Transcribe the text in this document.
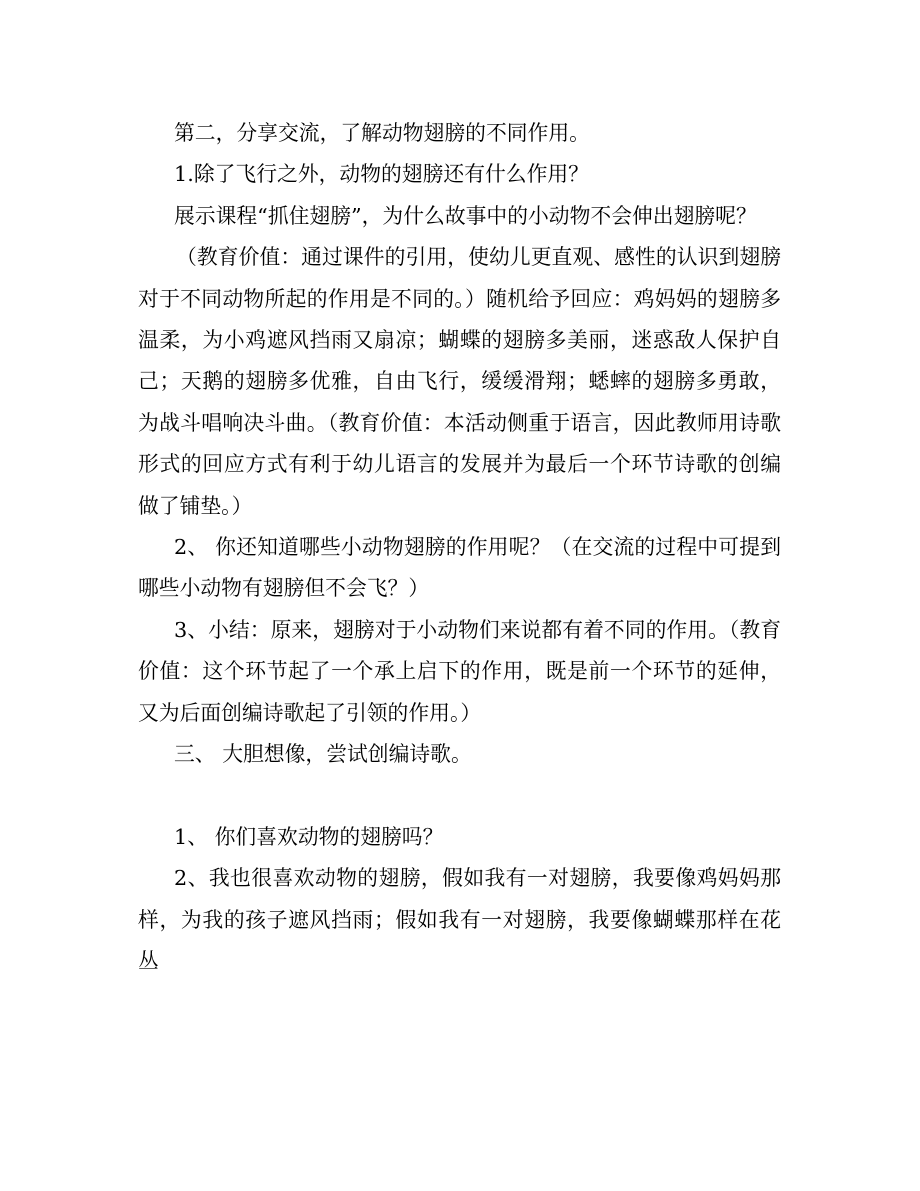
第二，分享交流，了解动物翅膀的不同作用。

1.除了飞行之外，动物的翅膀还有什么作用？

展示课程“抓住翅膀”，为什么故事中的小动物不会伸出翅膀呢？

（教育价值：通过课件的引用，使幼儿更直观、感性的认识到翅膀对于不同动物所起的作用是不同的。）随机给予回应：鸡妈妈的翅膀多温柔，为小鸡遮风挡雨又扇凉；蝴蝶的翅膀多美丽，迷惑敌人保护自己；天鹅的翅膀多优雅，自由飞行，缓缓滑翔；蟋蟀的翅膀多勇敢，为战斗唱响决斗曲。（教育价值：本活动侧重于语言，因此教师用诗歌形式的回应方式有利于幼儿语言的发展并为最后一个环节诗歌的创编做了铺垫。）

2、 你还知道哪些小动物翅膀的作用呢？（在交流的过程中可提到哪些小动物有翅膀但不会飞？）

3、小结：原来，翅膀对于小动物们来说都有着不同的作用。（教育价值：这个环节起了一个承上启下的作用，既是前一个环节的延伸，又为后面创编诗歌起了引领的作用。）

三、 大胆想像，尝试创编诗歌。

1、 你们喜欢动物的翅膀吗？

2、我也很喜欢动物的翅膀，假如我有一对翅膀，我要像鸡妈妈那样，为我的孩子遮风挡雨；假如我有一对翅膀，我要像蝴蝶那样在花丛
